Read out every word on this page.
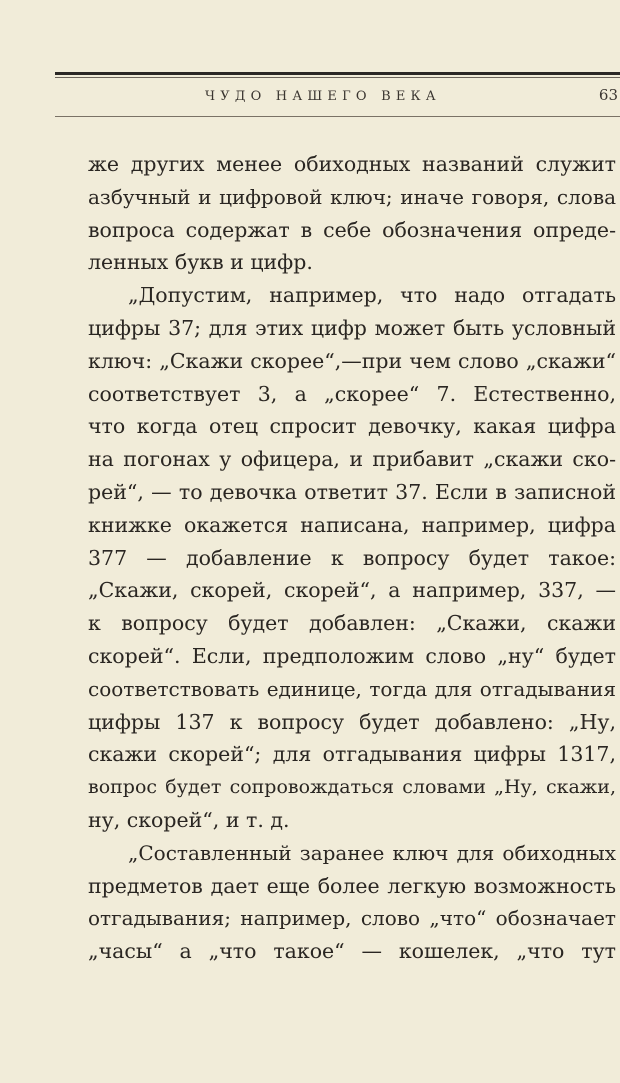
ЧУДО НАШЕГО ВЕКА	63
же других менее обиходных названий служит
азбучный и цифровой ключ; иначе говоря, слова
вопроса содержат в себе обозначения опреде-
ленных букв и цифр.
„Допустим, например, что надо отгадать
цифры 37; для этих цифр может быть условный
ключ: „Скажи скорее“,—при чем слово „скажи“
соответствует 3, а „скорее“ 7. Естественно,
что когда отец спросит девочку, какая цифра
на погонах у офицера, и прибавит „скажи ско-
рей“, — то девочка ответит 37. Если в записной
книжке окажется написана, например, цифра
377 — добавление к вопросу будет такое:
„Скажи, скорей, скорей“, а например, 337, —
к вопросу будет добавлен: „Скажи, скажи
скорей“. Если, предположим слово „ну“ будет
соответствовать единице, тогда для отгадывания
цифры 137 к вопросу будет добавлено: „Ну,
скажи скорей“; для отгадывания цифры 1317,
вопрос будет сопровождаться словами „Ну, скажи,
ну, скорей“, и т. д.
„Составленный заранее ключ для обиходных
предметов дает еще более легкую возможность
отгадывания; например, слово „что“ обозначает
„часы“ а „что такое“ — кошелек, „что тут
